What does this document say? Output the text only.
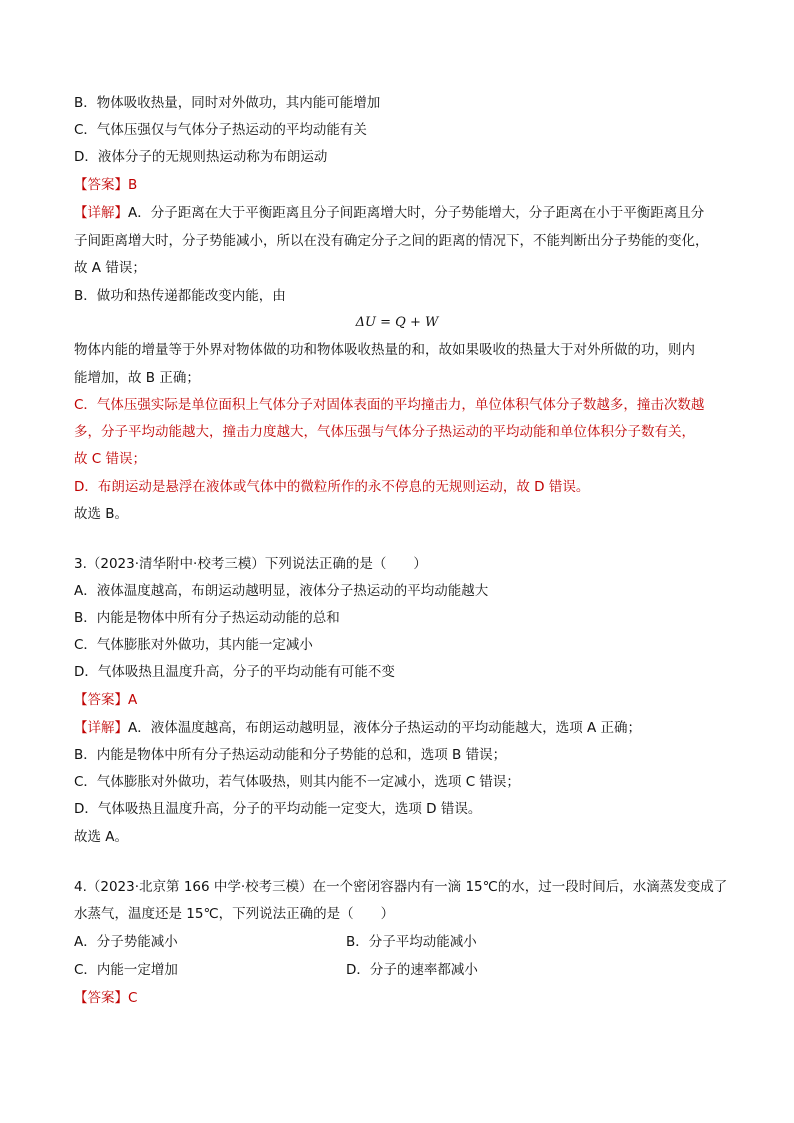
B．物体吸收热量，同时对外做功，其内能可能增加
C．气体压强仅与气体分子热运动的平均动能有关
D．液体分子的无规则热运动称为布朗运动
【答案】B
【详解】A．分子距离在大于平衡距离且分子间距离增大时，分子势能增大，分子距离在小于平衡距离且分
子间距离增大时，分子势能减小，所以在没有确定分子之间的距离的情况下，不能判断出分子势能的变化，
故 A 错误；
B．做功和热传递都能改变内能，由
ΔU = Q + W
物体内能的增量等于外界对物体做的功和物体吸收热量的和，故如果吸收的热量大于对外所做的功，则内
能增加，故 B 正确；
C．气体压强实际是单位面积上气体分子对固体表面的平均撞击力，单位体积气体分子数越多，撞击次数越
多，分子平均动能越大，撞击力度越大，气体压强与气体分子热运动的平均动能和单位体积分子数有关，
故 C 错误；
D．布朗运动是悬浮在液体或气体中的微粒所作的永不停息的无规则运动，故 D 错误。
故选 B。
3.（2023·清华附中·校考三模）下列说法正确的是（　　）
A．液体温度越高，布朗运动越明显，液体分子热运动的平均动能越大
B．内能是物体中所有分子热运动动能的总和
C．气体膨胀对外做功，其内能一定减小
D．气体吸热且温度升高，分子的平均动能有可能不变
【答案】A
【详解】A．液体温度越高，布朗运动越明显，液体分子热运动的平均动能越大，选项 A 正确；
B．内能是物体中所有分子热运动动能和分子势能的总和，选项 B 错误；
C．气体膨胀对外做功，若气体吸热，则其内能不一定减小，选项 C 错误；
D．气体吸热且温度升高，分子的平均动能一定变大，选项 D 错误。
故选 A。
4.（2023·北京第 166 中学·校考三模）在一个密闭容器内有一滴 15℃的水，过一段时间后，水滴蒸发变成了
水蒸气，温度还是 15℃，下列说法正确的是（　　）
A．分子势能减小	B．分子平均动能减小
C．内能一定增加	D．分子的速率都减小
【答案】C
